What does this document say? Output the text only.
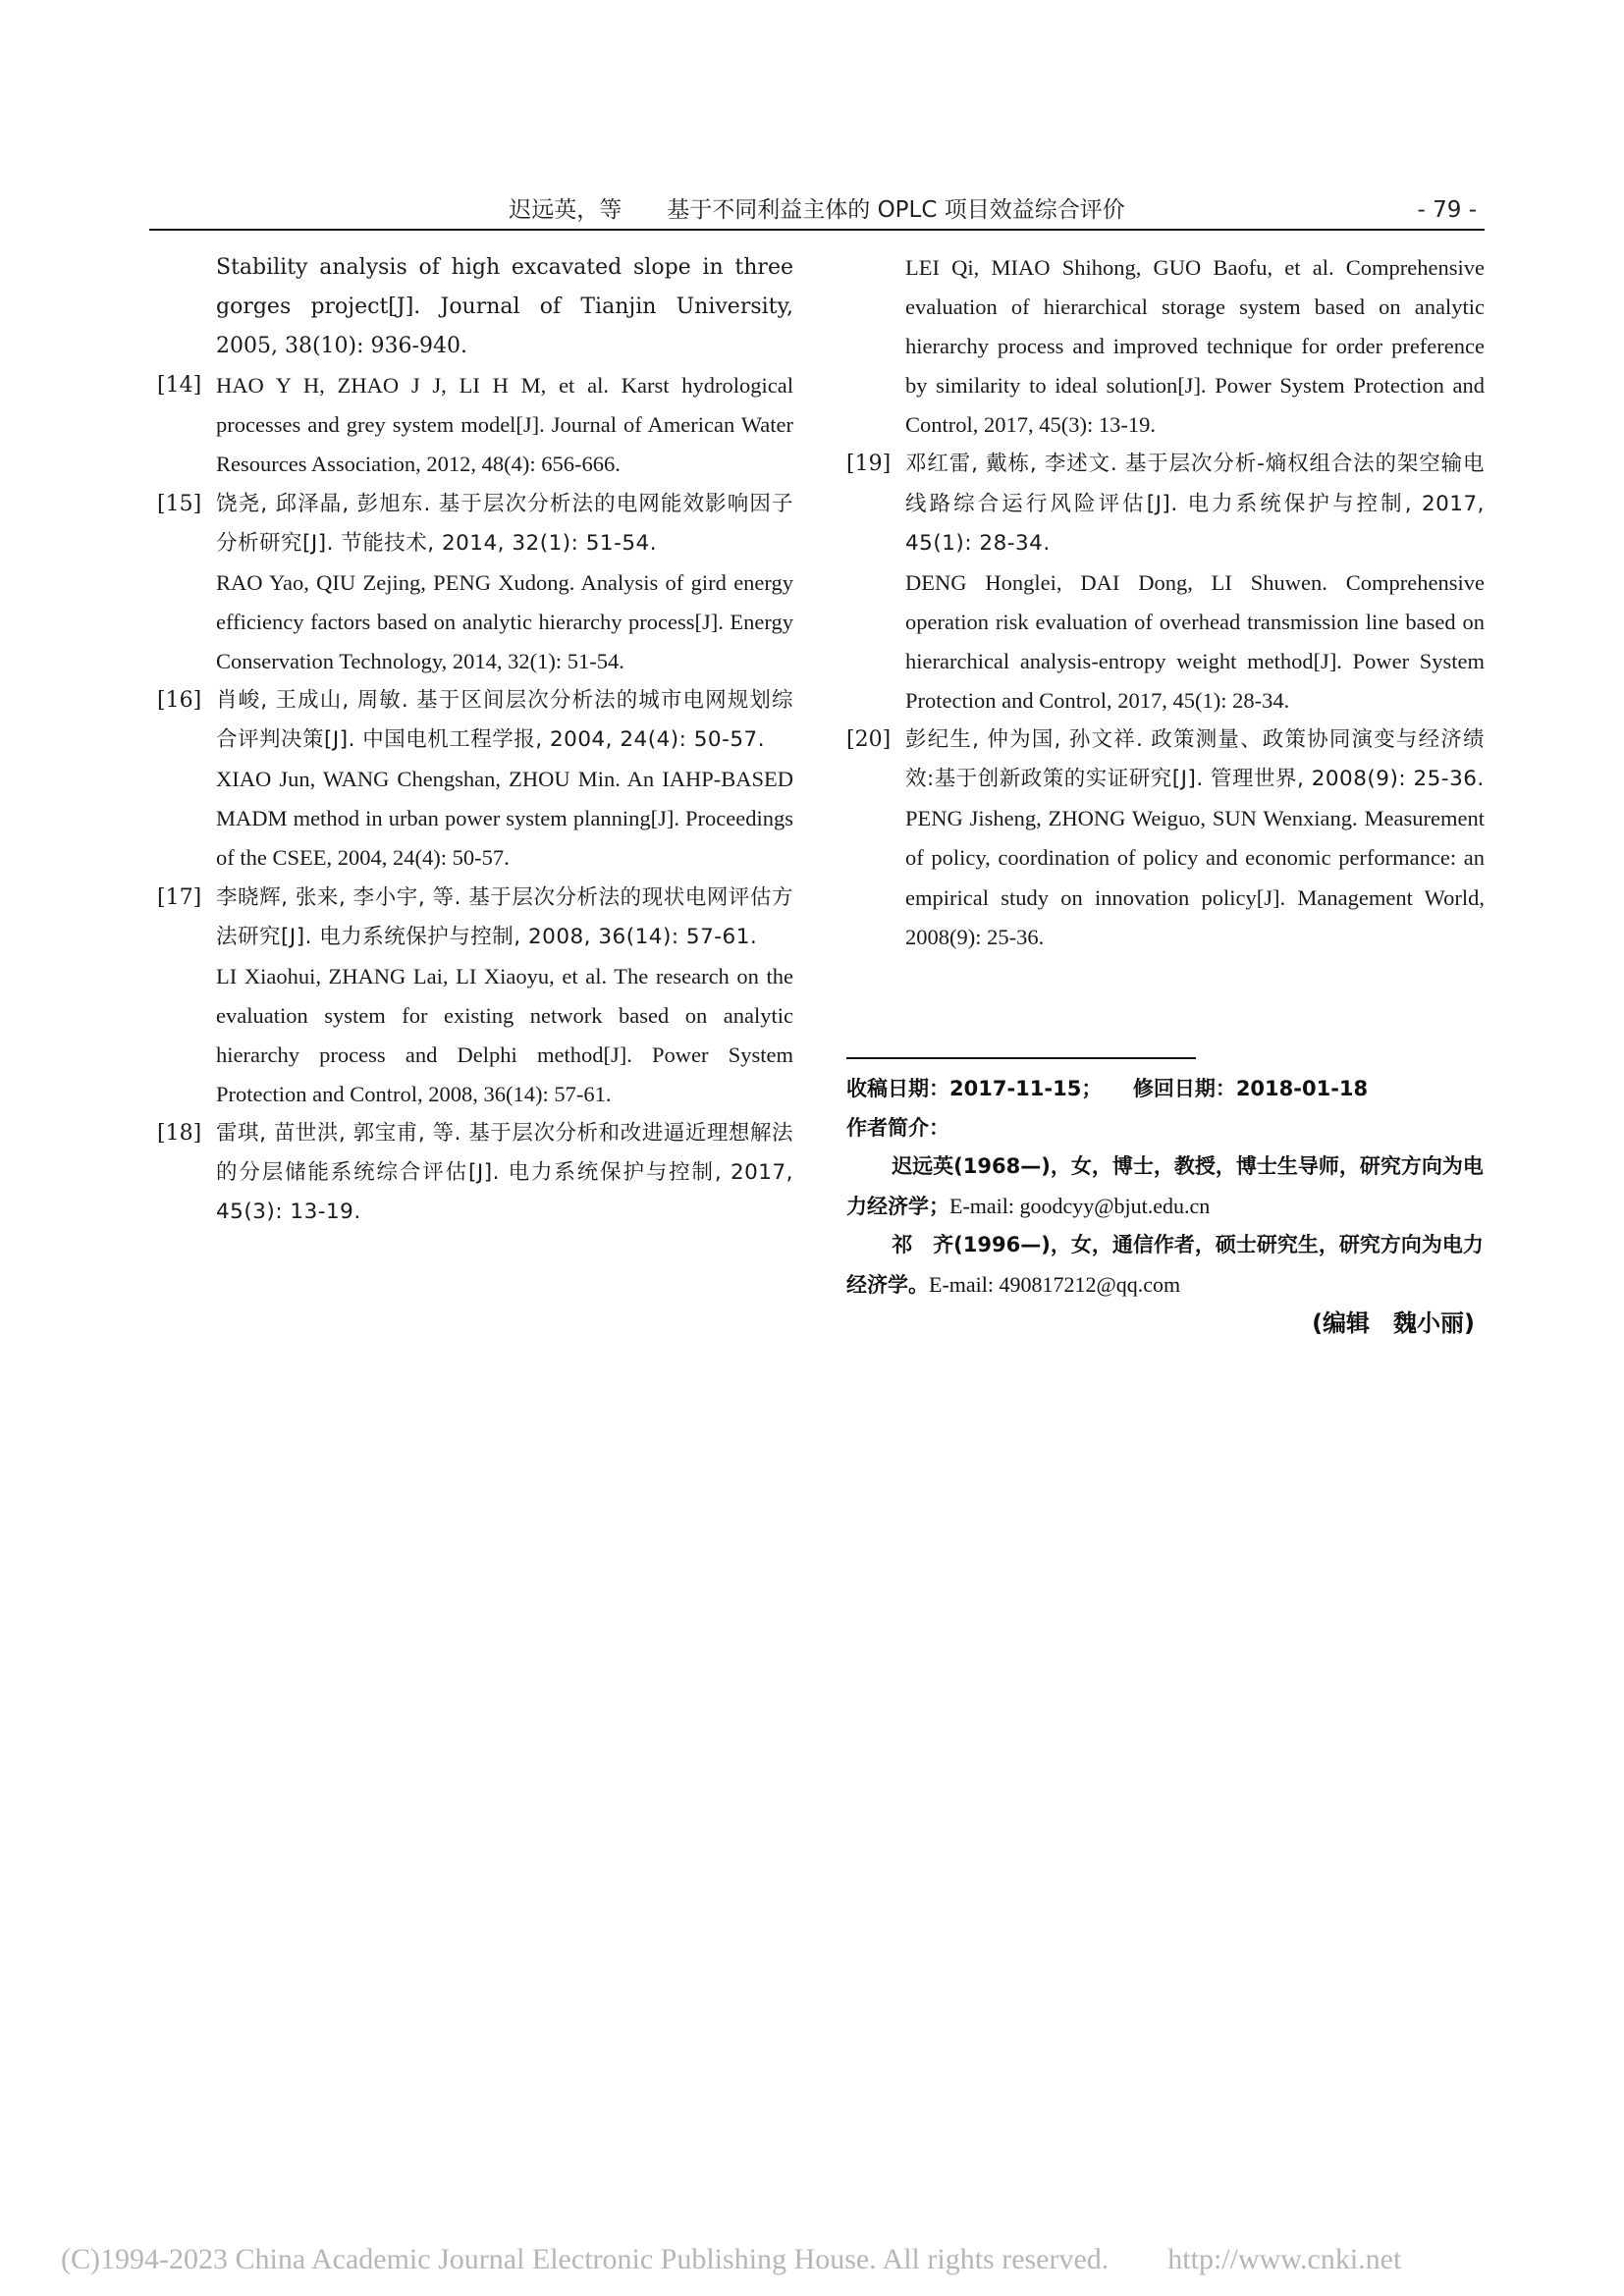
迟远英，等　　基于不同利益主体的 OPLC 项目效益综合评价	- 79 -

Stability analysis of high excavated slope in three gorges project[J]. Journal of Tianjin University, 2005, 38(10): 936-940.

[14] HAO Y H, ZHAO J J, LI H M, et al. Karst hydrological processes and grey system model[J]. Journal of American Water Resources Association, 2012, 48(4): 656-666.

[15] 饶尧, 邱泽晶, 彭旭东. 基于层次分析法的电网能效影响因子分析研究[J]. 节能技术, 2014, 32(1): 51-54.

RAO Yao, QIU Zejing, PENG Xudong. Analysis of gird energy efficiency factors based on analytic hierarchy process[J]. Energy Conservation Technology, 2014, 32(1): 51-54.

[16] 肖峻, 王成山, 周敏. 基于区间层次分析法的城市电网规划综合评判决策[J]. 中国电机工程学报, 2004, 24(4): 50-57.

XIAO Jun, WANG Chengshan, ZHOU Min. An IAHP-BASED MADM method in urban power system planning[J]. Proceedings of the CSEE, 2004, 24(4): 50-57.

[17] 李晓辉, 张来, 李小宇, 等. 基于层次分析法的现状电网评估方法研究[J]. 电力系统保护与控制, 2008, 36(14): 57-61.

LI Xiaohui, ZHANG Lai, LI Xiaoyu, et al. The research on the evaluation system for existing network based on analytic hierarchy process and Delphi method[J]. Power System Protection and Control, 2008, 36(14): 57-61.

[18] 雷琪, 苗世洪, 郭宝甫, 等. 基于层次分析和改进逼近理想解法的分层储能系统综合评估[J]. 电力系统保护与控制, 2017, 45(3): 13-19.

LEI Qi, MIAO Shihong, GUO Baofu, et al. Comprehensive evaluation of hierarchical storage system based on analytic hierarchy process and improved technique for order preference by similarity to ideal solution[J]. Power System Protection and Control, 2017, 45(3): 13-19.

[19] 邓红雷, 戴栋, 李述文. 基于层次分析-熵权组合法的架空输电线路综合运行风险评估[J]. 电力系统保护与控制, 2017, 45(1): 28-34.

DENG Honglei, DAI Dong, LI Shuwen. Comprehensive operation risk evaluation of overhead transmission line based on hierarchical analysis-entropy weight method[J]. Power System Protection and Control, 2017, 45(1): 28-34.

[20] 彭纪生, 仲为国, 孙文祥. 政策测量、政策协同演变与经济绩效:基于创新政策的实证研究[J]. 管理世界, 2008(9): 25-36.

PENG Jisheng, ZHONG Weiguo, SUN Wenxiang. Measurement of policy, coordination of policy and economic performance: an empirical study on innovation policy[J]. Management World, 2008(9): 25-36.

收稿日期：2017-11-15；　　修回日期：2018-01-18

作者简介：

迟远英(1968—)，女，博士，教授，博士生导师，研究方向为电力经济学；E-mail: goodcyy@bjut.edu.cn

祁　齐(1996—)，女，通信作者，硕士研究生，研究方向为电力经济学。E-mail: 490817212@qq.com

(编辑　魏小丽)

(C)1994-2023 China Academic Journal Electronic Publishing House. All rights reserved.　　http://www.cnki.net
